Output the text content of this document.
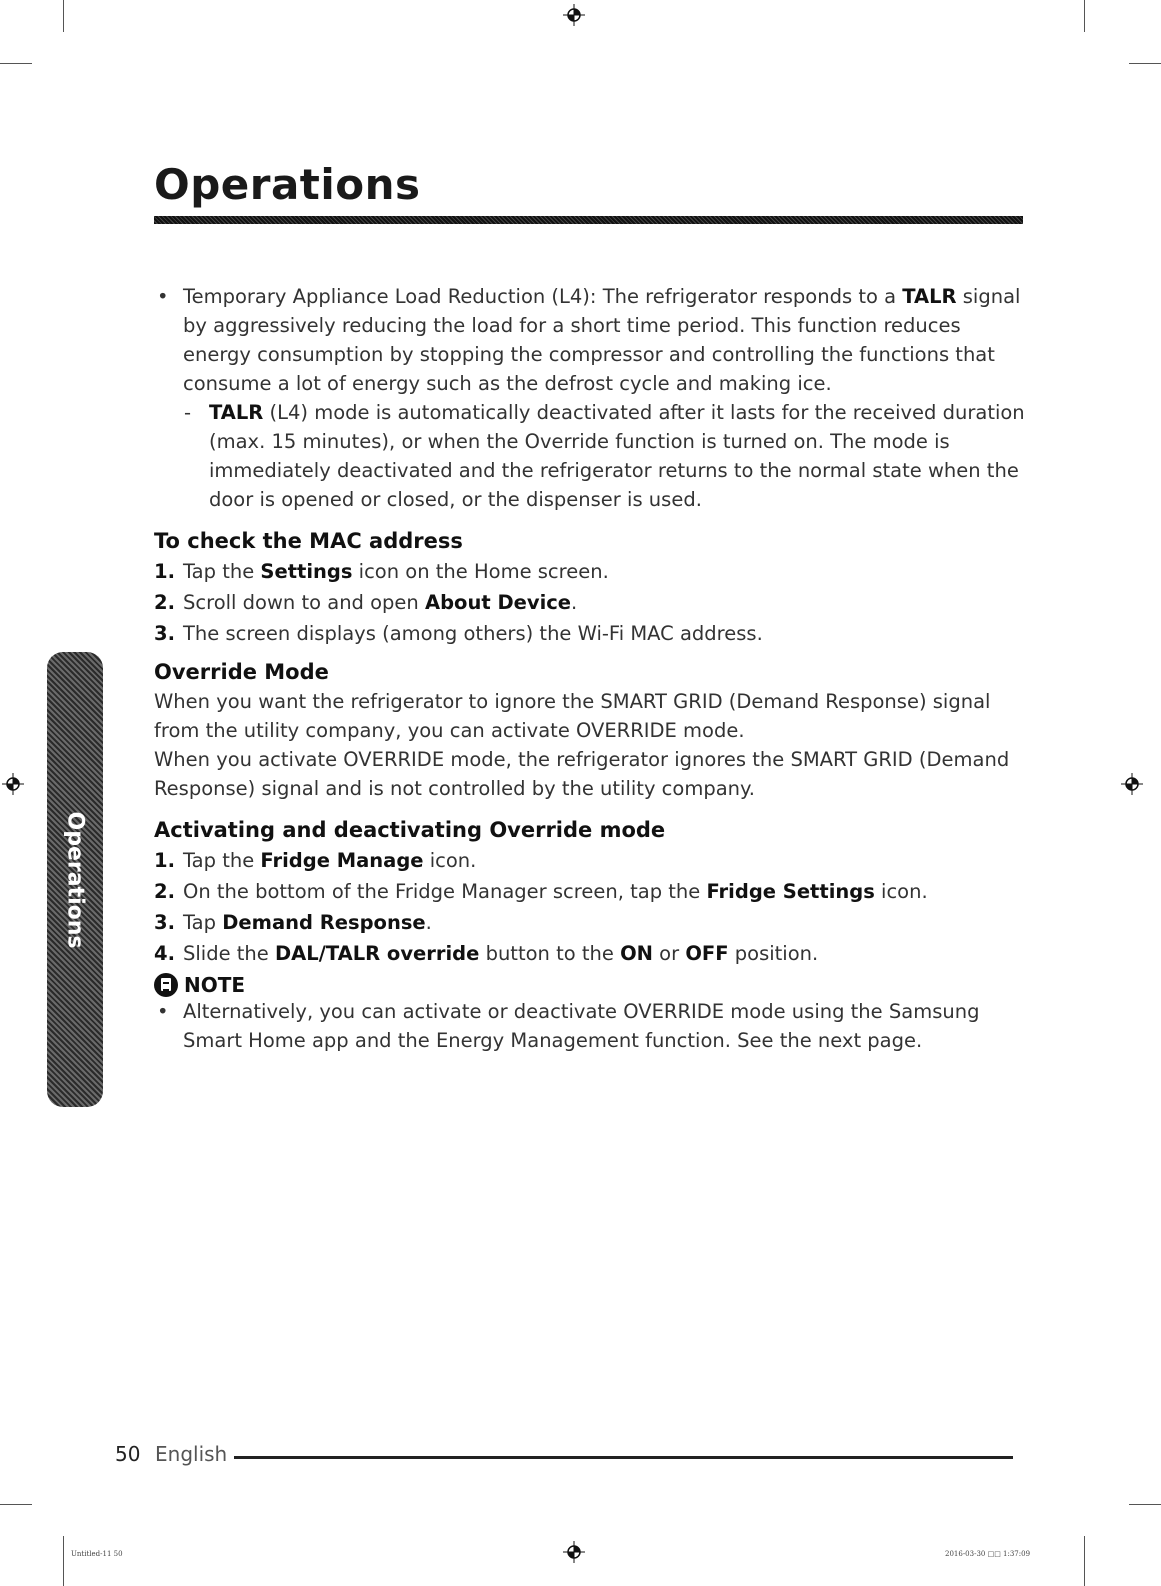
Operations
Operations

• Temporary Appliance Load Reduction (L4): The refrigerator responds to a TALR signal by aggressively reducing the load for a short time period. This function reduces energy consumption by stopping the compressor and controlling the functions that consume a lot of energy such as the defrost cycle and making ice.

- TALR (L4) mode is automatically deactivated after it lasts for the received duration (max. 15 minutes), or when the Override function is turned on. The mode is immediately deactivated and the refrigerator returns to the normal state when the door is opened or closed, or the dispenser is used.

To check the MAC address

1. Tap the Settings icon on the Home screen.

2. Scroll down to and open About Device.

3. The screen displays (among others) the Wi-Fi MAC address.

Override Mode

When you want the refrigerator to ignore the SMART GRID (Demand Response) signal from the utility company, you can activate OVERRIDE mode.

When you activate OVERRIDE mode, the refrigerator ignores the SMART GRID (Demand Response) signal and is not controlled by the utility company.

Activating and deactivating Override mode

1. Tap the Fridge Manage icon.

2. On the bottom of the Fridge Manager screen, tap the Fridge Settings icon.

3. Tap Demand Response.

4. Slide the DAL/TALR override button to the ON or OFF position.

NOTE

• Alternatively, you can activate or deactivate OVERRIDE mode using the Samsung Smart Home app and the Energy Management function. See the next page.

50 English
Untitled-11 50	2016-03-30 □□ 1:37:09
